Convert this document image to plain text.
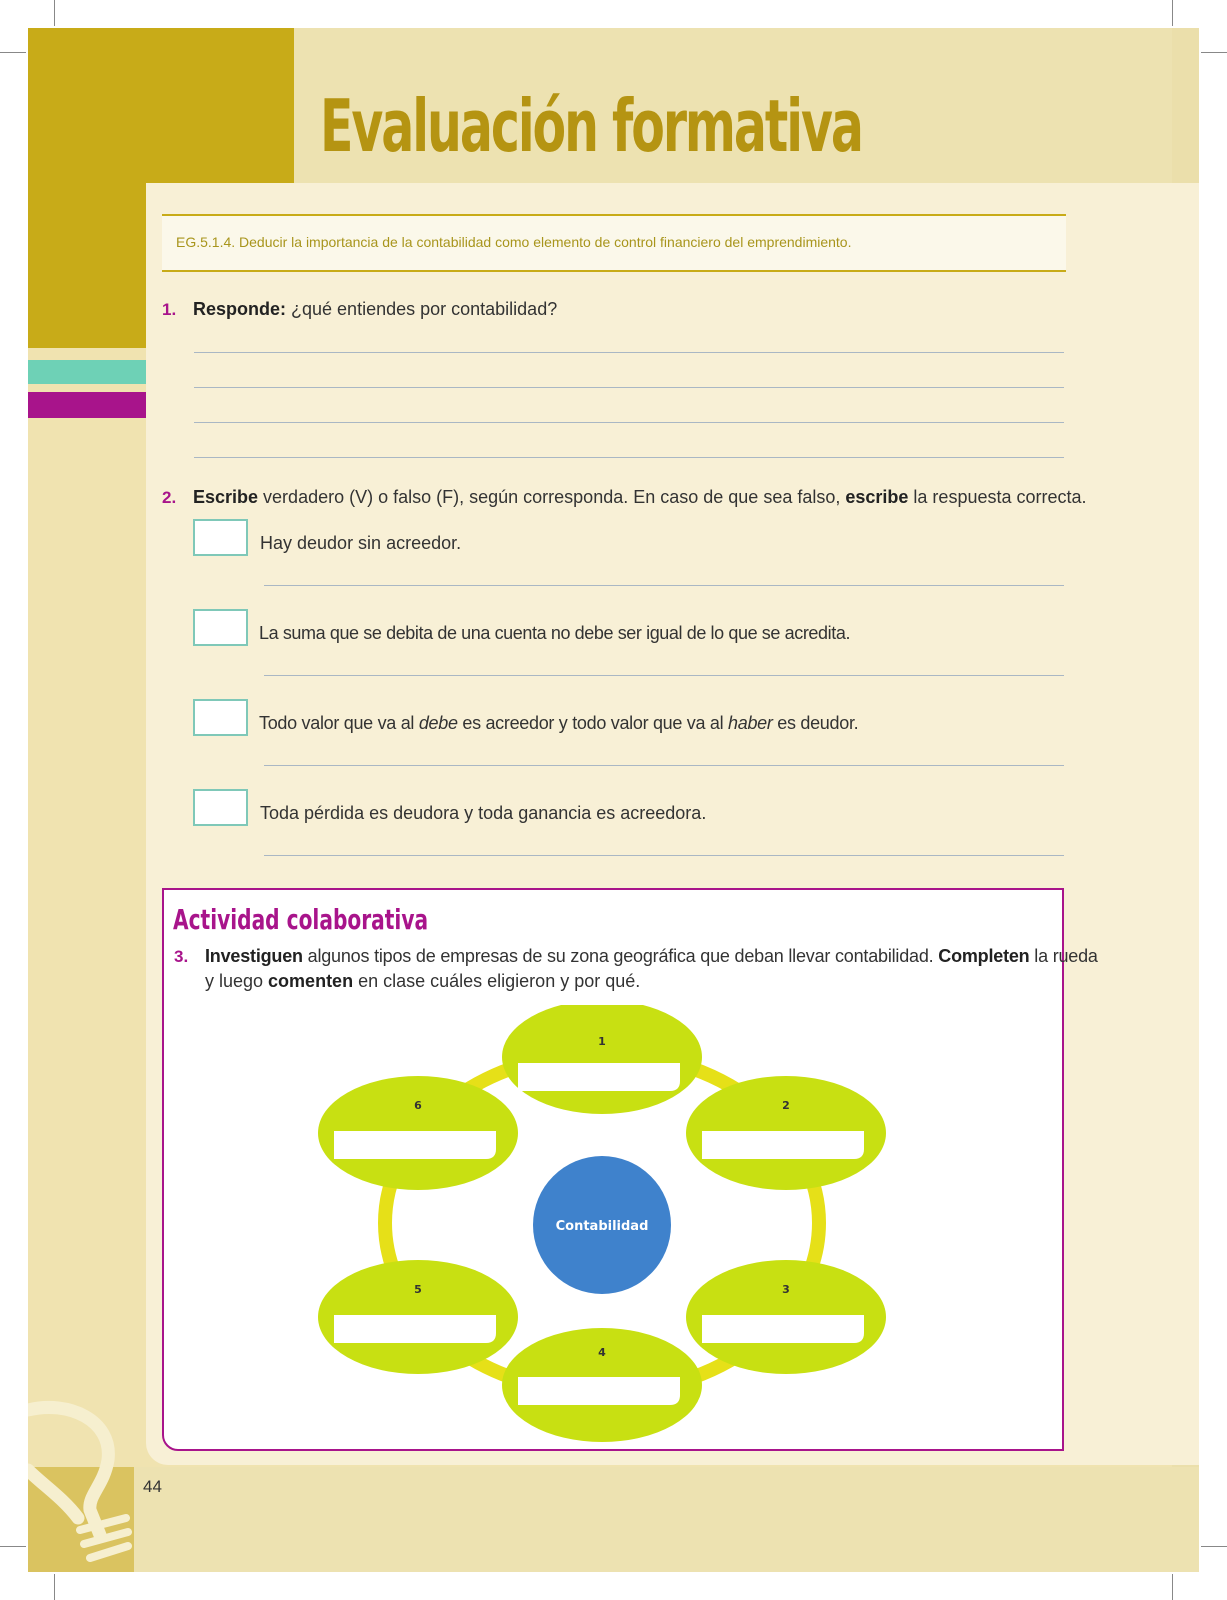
Evaluación formativa
EG.5.1.4. Deducir la importancia de la contabilidad como elemento de control financiero del emprendimiento.
1. Responde: ¿qué entiendes por contabilidad?
2. Escribe verdadero (V) o falso (F), según corresponda. En caso de que sea falso, escribe la respuesta correcta.
Hay deudor sin acreedor.
La suma que se debita de una cuenta no debe ser igual de lo que se acredita.
Todo valor que va al debe es acreedor y todo valor que va al haber es deudor.
Toda pérdida es deudora y toda ganancia es acreedora.
Actividad colaborativa
3. Investiguen algunos tipos de empresas de su zona geográfica que deban llevar contabilidad. Completen la rueda
y luego comenten en clase cuáles eligieron y por qué.
1
2
3
4
5
6
Contabilidad
44
